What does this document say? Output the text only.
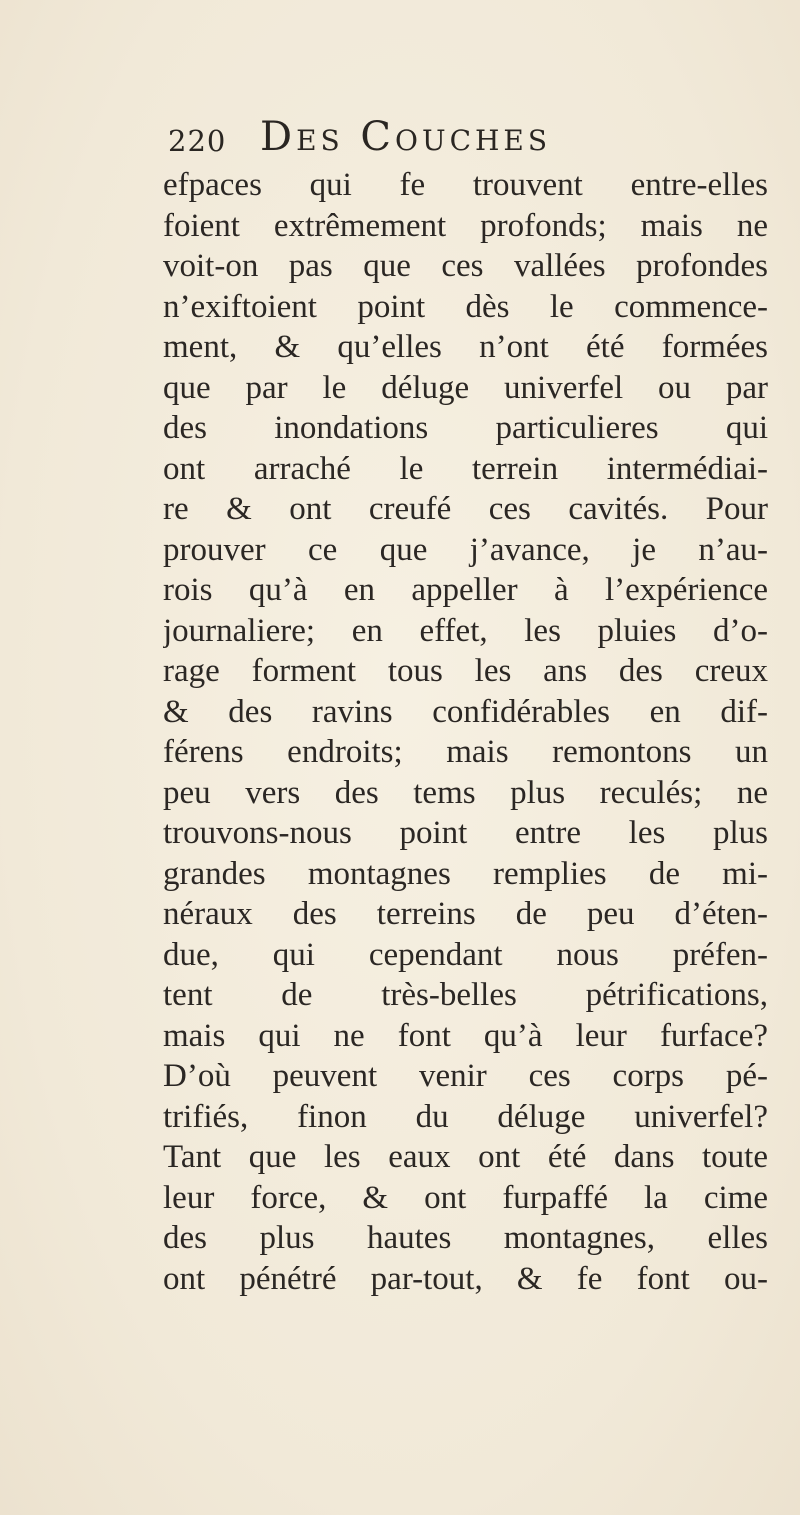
220 Des Couches
efpaces qui fe trouvent entre-elles
foient extrêmement profonds; mais ne
voit-on pas que ces vallées profondes
n’exiftoient point dès le commence-
ment, & qu’elles n’ont été formées
que par le déluge univerfel ou par
des inondations particulieres qui
ont arraché le terrein intermédiai-
re & ont creufé ces cavités. Pour
prouver ce que j’avance, je n’au-
rois qu’à en appeller à l’expérience
journaliere; en effet, les pluies d’o-
rage forment tous les ans des creux
& des ravins confidérables en dif-
férens endroits; mais remontons un
peu vers des tems plus reculés; ne
trouvons-nous point entre les plus
grandes montagnes remplies de mi-
néraux des terreins de peu d’éten-
due, qui cependant nous préfen-
tent de très-belles pétrifications,
mais qui ne font qu’à leur furface?
D’où peuvent venir ces corps pé-
trifiés, finon du déluge univerfel?
Tant que les eaux ont été dans toute
leur force, & ont furpaffé la cime
des plus hautes montagnes, elles
ont pénétré par-tout, & fe font ou-
